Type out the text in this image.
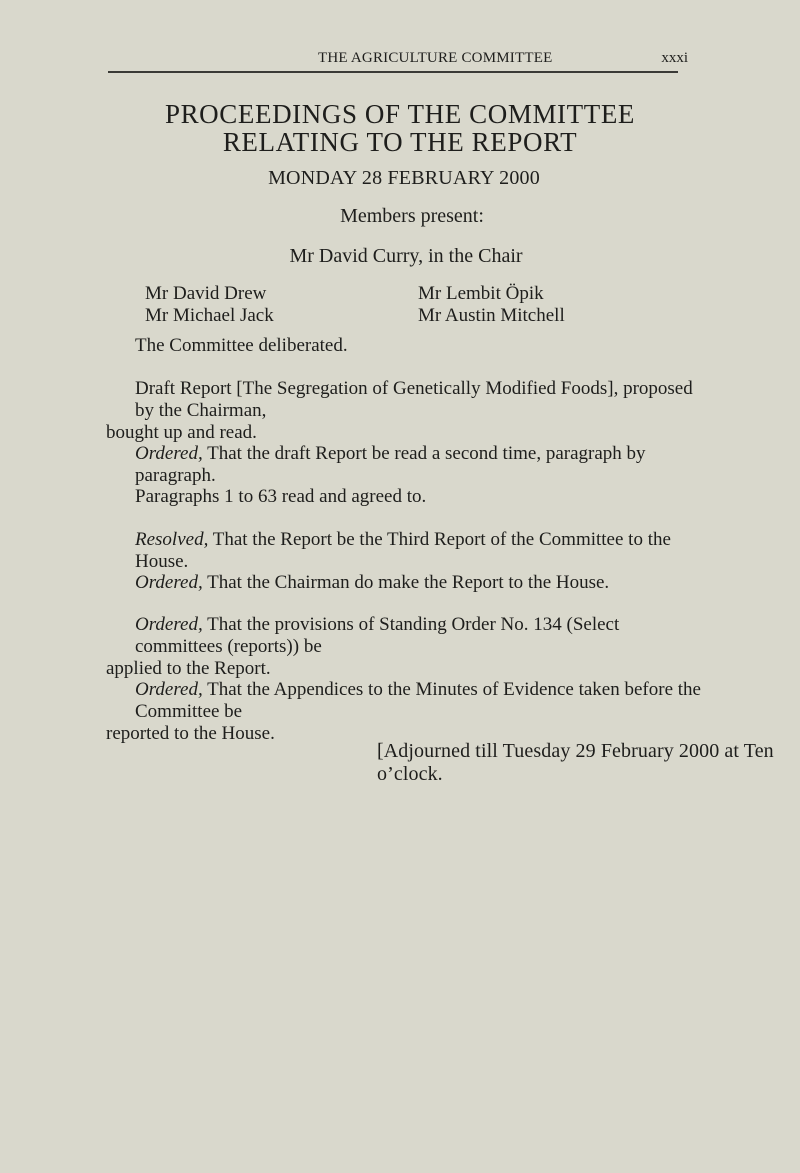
THE AGRICULTURE COMMITTEE	xxxi
PROCEEDINGS OF THE COMMITTEE
RELATING TO THE REPORT
MONDAY 28 FEBRUARY 2000
Members present:
Mr David Curry, in the Chair
Mr David Drew	Mr Lembit Öpik
Mr Michael Jack	Mr Austin Mitchell
The Committee deliberated.
Draft Report [The Segregation of Genetically Modified Foods], proposed by the Chairman,
bought up and read.
Ordered, That the draft Report be read a second time, paragraph by paragraph.
Paragraphs 1 to 63 read and agreed to.
Resolved, That the Report be the Third Report of the Committee to the House.
Ordered, That the Chairman do make the Report to the House.
Ordered, That the provisions of Standing Order No. 134 (Select committees (reports)) be
applied to the Report.
Ordered, That the Appendices to the Minutes of Evidence taken before the Committee be
reported to the House.
[Adjourned till Tuesday 29 February 2000 at Ten o’clock.
